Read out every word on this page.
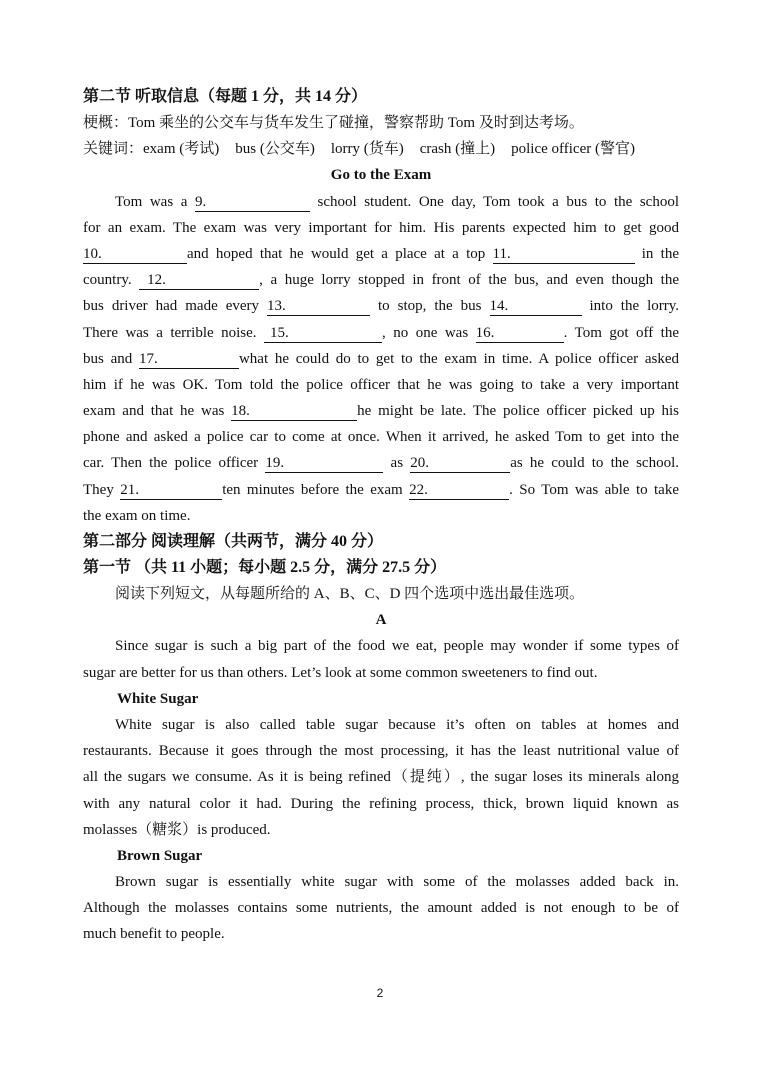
第二节 听取信息（每题 1 分，共 14 分）
梗概：Tom 乘坐的公交车与货车发生了碰撞，警察帮助 Tom 及时到达考场。
关键词：exam (考试) bus (公交车) lorry (货车) crash (撞上) police officer (警官)
Go to the Exam
Tom was a 9.	school student. One day, Tom took a bus to the school
for an exam. The exam was very important for him. His parents expected him to get good
10.	and hoped that he would get a place at a top 11.	in the
country. 12.	, a huge lorry stopped in front of the bus, and even though the
bus driver had made every 13.	to stop, the bus 14.	into the lorry.
There was a terrible noise. 15.	, no one was 16.	. Tom got off the
bus and 17.	what he could do to get to the exam in time. A police officer asked
him if he was OK. Tom told the police officer that he was going to take a very important
exam and that he was 18.	he might be late. The police officer picked up his
phone and asked a police car to come at once. When it arrived, he asked Tom to get into the
car. Then the police officer 19.	as 20.	as he could to the school.
They 21.	ten minutes before the exam 22.	. So Tom was able to take
the exam on time.
第二部分 阅读理解（共两节，满分 40 分）
第一节 （共 11 小题；每小题 2.5 分，满分 27.5 分）
阅读下列短文，从每题所给的 A、B、C、D 四个选项中选出最佳选项。
A
Since sugar is such a big part of the food we eat, people may wonder if some types of
sugar are better for us than others. Let’s look at some common sweeteners to find out.
White Sugar
White sugar is also called table sugar because it’s often on tables at homes and
restaurants. Because it goes through the most processing, it has the least nutritional value of
all the sugars we consume. As it is being refined（提纯）, the sugar loses its minerals along
with any natural color it had. During the refining process, thick, brown liquid known as
molasses（糖浆）is produced.
Brown Sugar
Brown sugar is essentially white sugar with some of the molasses added back in.
Although the molasses contains some nutrients, the amount added is not enough to be of
much benefit to people.
2
